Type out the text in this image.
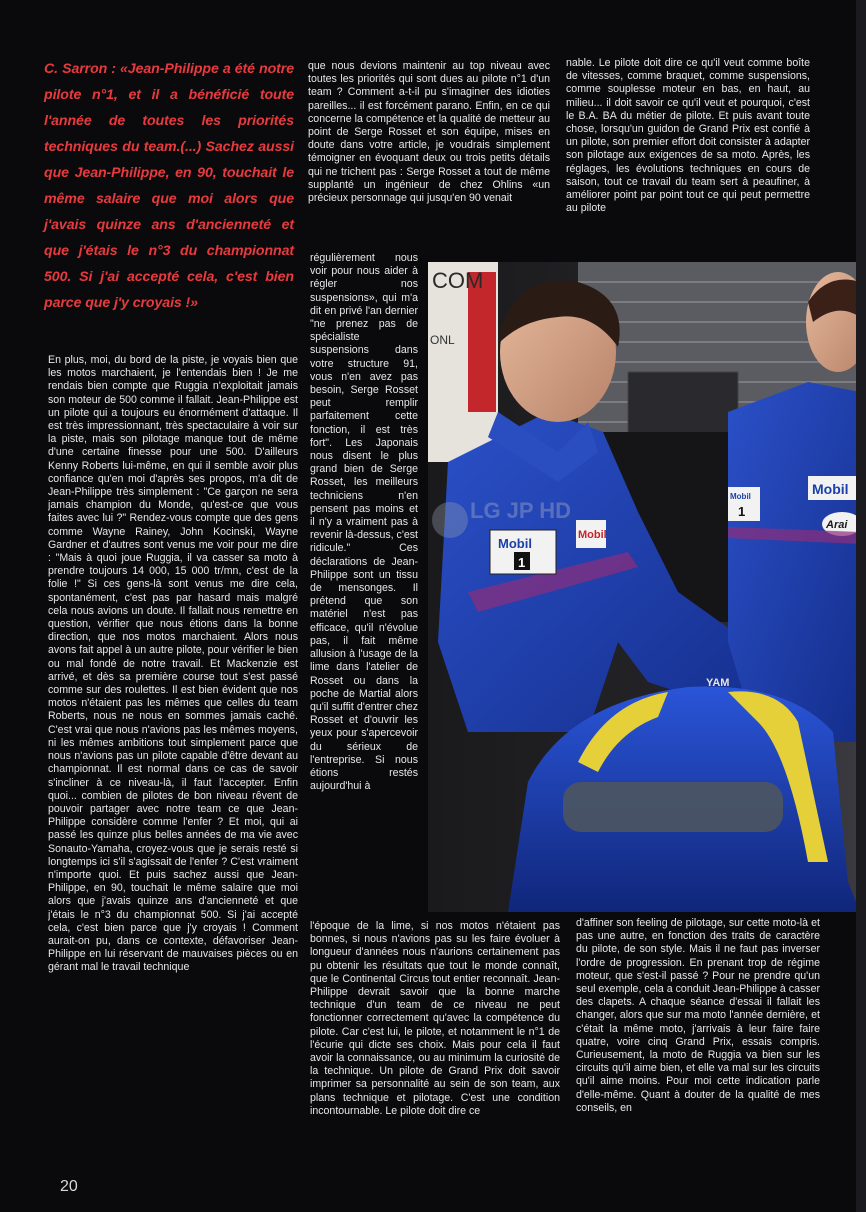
C. Sarron : «Jean-Philippe a été notre pilote n°1, et il a bénéficié toute l'année de toutes les priorités techniques du team.(...) Sachez aussi que Jean-Philippe, en 90, touchait le même salaire que moi alors que j'avais quinze ans d'ancienneté et que j'étais le n°3 du championnat 500. Si j'ai accepté cela, c'est bien parce que j'y croyais !»

En plus, moi, du bord de la piste, je voyais bien que les motos marchaient, je l'entendais bien ! Je me rendais bien compte que Ruggia n'exploitait jamais son moteur de 500 comme il fallait. Jean-Philippe est un pilote qui a toujours eu énormément d'attaque. Il est très impressionnant, très spectaculaire à voir sur la piste, mais son pilotage manque tout de même d'une certaine finesse pour une 500. D'ailleurs Kenny Roberts lui-même, en qui il semble avoir plus confiance qu'en moi d'après ses propos, m'a dit de Jean-Philippe très simplement : "Ce garçon ne sera jamais champion du Monde, qu'est-ce que vous faites avec lui ?" Rendez-vous compte que des gens comme Wayne Rainey, John Kocinski, Wayne Gardner et d'autres sont venus me voir pour me dire : "Mais à quoi joue Ruggia, il va casser sa moto à prendre toujours 14 000, 15 000 tr/mn, c'est de la folie !" Si ces gens-là sont venus me dire cela, spontanément, c'est pas par hasard mais malgré cela nous avions un doute. Il fallait nous remettre en question, vérifier que nous étions dans la bonne direction, que nos motos marchaient. Alors nous avons fait appel à un autre pilote, pour vérifier le bien ou mal fondé de notre travail. Et Mackenzie est arrivé, et dès sa première course tout s'est passé comme sur des roulettes. Il est bien évident que nos motos n'étaient pas les mêmes que celles du team Roberts, nous ne nous en sommes jamais caché. C'est vrai que nous n'avions pas les mêmes moyens, ni les mêmes ambitions tout simplement parce que nous n'avions pas un pilote capable d'être devant au championnat. Il est normal dans ce cas de savoir s'incliner à ce niveau-là, il faut l'accepter. Enfin quoi... combien de pilotes de bon niveau rêvent de pouvoir partager avec notre team ce que Jean-Philippe considère comme l'enfer ? Et moi, qui ai passé les quinze plus belles années de ma vie avec Sonauto-Yamaha, croyez-vous que je serais resté si longtemps ici s'il s'agissait de l'enfer ? C'est vraiment n'importe quoi. Et puis sachez aussi que Jean-Philippe, en 90, touchait le même salaire que moi alors que j'avais quinze ans d'ancienneté et que j'étais le n°3 du championnat 500. Si j'ai accepté cela, c'est bien parce que j'y croyais ! Comment aurait-on pu, dans ce contexte, défavoriser Jean-Philippe en lui réservant de mauvaises pièces ou en gérant mal le travail technique

que nous devions maintenir au top niveau avec toutes les priorités qui sont dues au pilote n°1 d'un team ? Comment a-t-il pu s'imaginer des idioties pareilles... il est forcément parano. Enfin, en ce qui concerne la compétence et la qualité de metteur au point de Serge Rosset et son équipe, mises en doute dans votre article, je voudrais simplement témoigner en évoquant deux ou trois petits détails qui ne trichent pas : Serge Rosset a tout de même supplanté un ingénieur de chez Ohlins «un précieux personnage qui jusqu'en 90 venait

régulièrement nous voir pour nous aider à régler nos suspensions», qui m'a dit en privé l'an dernier "ne prenez pas de spécialiste suspensions dans votre structure 91, vous n'en avez pas besoin, Serge Rosset peut remplir parfaitement cette fonction, il est très fort". Les Japonais nous disent le plus grand bien de Serge Rosset, les meilleurs techniciens n'en pensent pas moins et il n'y a vraiment pas à revenir là-dessus, c'est ridicule." Ces déclarations de Jean-Philippe sont un tissu de mensonges. Il prétend que son matériel n'est pas efficace, qu'il n'évolue pas, il fait même allusion à l'usage de la lime dans l'atelier de Rosset ou dans la poche de Martial alors qu'il suffit d'entrer chez Rosset et d'ouvrir les yeux pour s'apercevoir du sérieux de l'entreprise. Si nous étions restés aujourd'hui à

l'époque de la lime, si nos motos n'étaient pas bonnes, si nous n'avions pas su les faire évoluer à longueur d'années nous n'aurions certainement pas pu obtenir les résultats que tout le monde connaît, que le Continental Circus tout entier reconnaît. Jean-Philippe devrait savoir que la bonne marche technique d'un team de ce niveau ne peut fonctionner correctement qu'avec la compétence du pilote. Car c'est lui, le pilote, et notamment le n°1 de l'écurie qui dicte ses choix. Mais pour cela il faut avoir la connaissance, ou au minimum la curiosité de la technique. Un pilote de Grand Prix doit savoir imprimer sa personnalité au sein de son team, aux plans technique et pilotage. C'est une condition incontournable. Le pilote doit dire ce

nable. Le pilote doit dire ce qu'il veut comme boîte de vitesses, comme braquet, comme suspensions, comme souplesse moteur en bas, en haut, au milieu... il doit savoir ce qu'il veut et pourquoi, c'est le B.A. BA du métier de pilote. Et puis avant toute chose, lorsqu'un guidon de Grand Prix est confié à un pilote, son premier effort doit consister à adapter son pilotage aux exigences de sa moto. Après, les réglages, les évolutions techniques en cours de saison, tout ce travail du team sert à peaufiner, à améliorer point par point tout ce qui peut permettre au pilote

d'affiner son feeling de pilotage, sur cette moto-là et pas une autre, en fonction des traits de caractère du pilote, de son style. Mais il ne faut pas inverser l'ordre de progression. En prenant trop de régime moteur, que s'est-il passé ? Pour ne prendre qu'un seul exemple, cela a conduit Jean-Philippe à casser des clapets. A chaque séance d'essai il fallait les changer, alors que sur ma moto l'année dernière, et c'était la même moto, j'arrivais à leur faire faire quatre, voire cinq Grand Prix, essais compris. Curieusement, la moto de Ruggia va bien sur les circuits qu'il aime bien, et elle va mal sur les circuits qu'il aime moins. Pour moi cette indication parle d'elle-même. Quant à douter de la qualité de mes conseils, en

COM
ONL
Mobil
1
Mobil
Mobil
Mobil
1
Arai
YAM
LG JP HD
20
